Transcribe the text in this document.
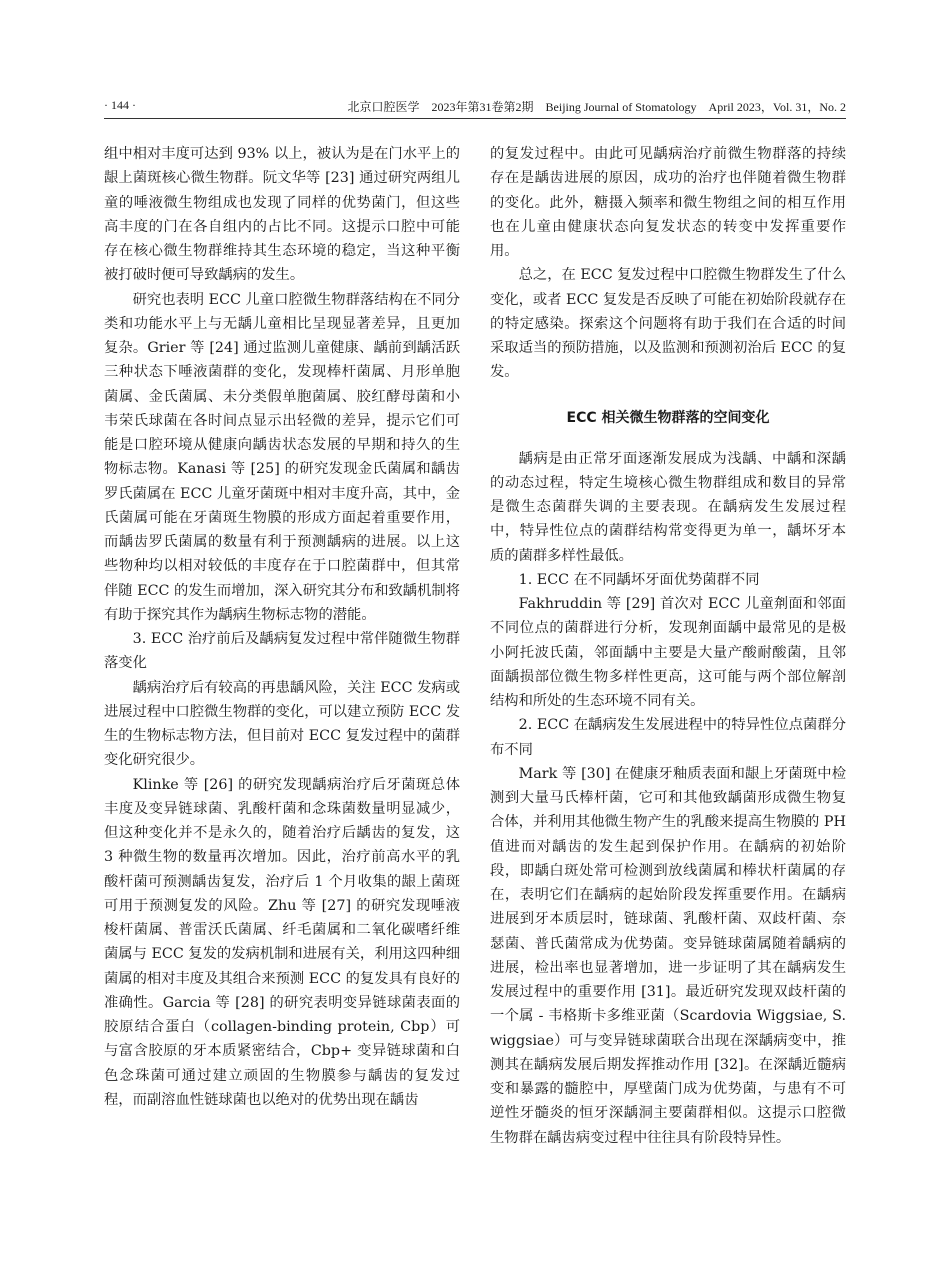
· 144 ·	北京口腔医学　2023年第31卷第2期　Beijing Journal of Stomatology　April 2023，Vol. 31，No. 2

组中相对丰度可达到 93% 以上，被认为是在门水平上的龈上菌斑核心微生物群。阮文华等 [23] 通过研究两组儿童的唾液微生物组成也发现了同样的优势菌门，但这些高丰度的门在各自组内的占比不同。这提示口腔中可能存在核心微生物群维持其生态环境的稳定，当这种平衡被打破时便可导致龋病的发生。

研究也表明 ECC 儿童口腔微生物群落结构在不同分类和功能水平上与无龋儿童相比呈现显著差异，且更加复杂。Grier 等 [24] 通过监测儿童健康、龋前到龋活跃三种状态下唾液菌群的变化，发现棒杆菌属、月形单胞菌属、金氏菌属、未分类假单胞菌属、胶红酵母菌和小韦荣氏球菌在各时间点显示出轻微的差异，提示它们可能是口腔环境从健康向龋齿状态发展的早期和持久的生物标志物。Kanasi 等 [25] 的研究发现金氏菌属和龋齿罗氏菌属在 ECC 儿童牙菌斑中相对丰度升高，其中，金氏菌属可能在牙菌斑生物膜的形成方面起着重要作用，而龋齿罗氏菌属的数量有利于预测龋病的进展。以上这些物种均以相对较低的丰度存在于口腔菌群中，但其常伴随 ECC 的发生而增加，深入研究其分布和致龋机制将有助于探究其作为龋病生物标志物的潜能。

3. ECC 治疗前后及龋病复发过程中常伴随微生物群落变化

龋病治疗后有较高的再患龋风险，关注 ECC 发病或进展过程中口腔微生物群的变化，可以建立预防 ECC 发生的生物标志物方法，但目前对 ECC 复发过程中的菌群变化研究很少。

Klinke 等 [26] 的研究发现龋病治疗后牙菌斑总体丰度及变异链球菌、乳酸杆菌和念珠菌数量明显减少，但这种变化并不是永久的，随着治疗后龋齿的复发，这 3 种微生物的数量再次增加。因此，治疗前高水平的乳酸杆菌可预测龋齿复发，治疗后 1 个月收集的龈上菌斑可用于预测复发的风险。Zhu 等 [27] 的研究发现唾液梭杆菌属、普雷沃氏菌属、纤毛菌属和二氧化碳嗜纤维菌属与 ECC 复发的发病机制和进展有关，利用这四种细菌属的相对丰度及其组合来预测 ECC 的复发具有良好的准确性。Garcia 等 [28] 的研究表明变异链球菌表面的胶原结合蛋白（collagen-binding protein, Cbp）可与富含胶原的牙本质紧密结合，Cbp+ 变异链球菌和白色念珠菌可通过建立顽固的生物膜参与龋齿的复发过程，而副溶血性链球菌也以绝对的优势出现在龋齿

的复发过程中。由此可见龋病治疗前微生物群落的持续存在是龋齿进展的原因，成功的治疗也伴随着微生物群的变化。此外，糖摄入频率和微生物组之间的相互作用也在儿童由健康状态向复发状态的转变中发挥重要作用。

总之，在 ECC 复发过程中口腔微生物群发生了什么变化，或者 ECC 复发是否反映了可能在初始阶段就存在的特定感染。探索这个问题将有助于我们在合适的时间采取适当的预防措施，以及监测和预测初治后 ECC 的复发。

ECC 相关微生物群落的空间变化

龋病是由正常牙面逐渐发展成为浅龋、中龋和深龋的动态过程，特定生境核心微生物群组成和数目的异常是微生态菌群失调的主要表现。在龋病发生发展过程中，特异性位点的菌群结构常变得更为单一，龋坏牙本质的菌群多样性最低。

1. ECC 在不同龋坏牙面优势菌群不同

Fakhruddin 等 [29] 首次对 ECC 儿童㓫面和邻面不同位点的菌群进行分析，发现㓫面龋中最常见的是极小阿托波氏菌，邻面龋中主要是大量产酸耐酸菌，且邻面龋损部位微生物多样性更高，这可能与两个部位解剖结构和所处的生态环境不同有关。

2. ECC 在龋病发生发展进程中的特异性位点菌群分布不同

Mark 等 [30] 在健康牙釉质表面和龈上牙菌斑中检测到大量马氏棒杆菌，它可和其他致龋菌形成微生物复合体，并利用其他微生物产生的乳酸来提高生物膜的 PH 值进而对龋齿的发生起到保护作用。在龋病的初始阶段，即龋白斑处常可检测到放线菌属和棒状杆菌属的存在，表明它们在龋病的起始阶段发挥重要作用。在龋病进展到牙本质层时，链球菌、乳酸杆菌、双歧杆菌、奈瑟菌、普氏菌常成为优势菌。变异链球菌属随着龋病的进展，检出率也显著增加，进一步证明了其在龋病发生发展过程中的重要作用 [31]。最近研究发现双歧杆菌的一个属 - 韦格斯卡多维亚菌（Scardovia Wiggsiae, S. wiggsiae）可与变异链球菌联合出现在深龋病变中，推测其在龋病发展后期发挥推动作用 [32]。在深龋近髓病变和暴露的髓腔中，厚壁菌门成为优势菌，与患有不可逆性牙髓炎的恒牙深龋洞主要菌群相似。这提示口腔微生物群在龋齿病变过程中往往具有阶段特异性。
